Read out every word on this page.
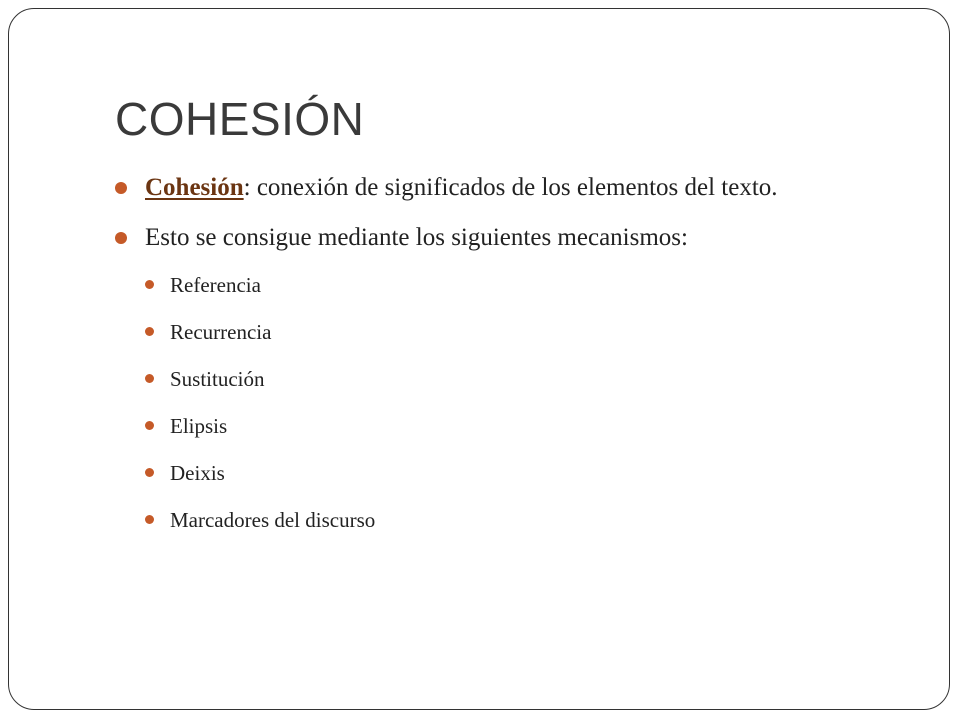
COHESIÓN
Cohesión: conexión de significados de los elementos del texto.
Esto se consigue mediante los siguientes mecanismos:
Referencia
Recurrencia
Sustitución
Elipsis
Deixis
Marcadores del discurso
